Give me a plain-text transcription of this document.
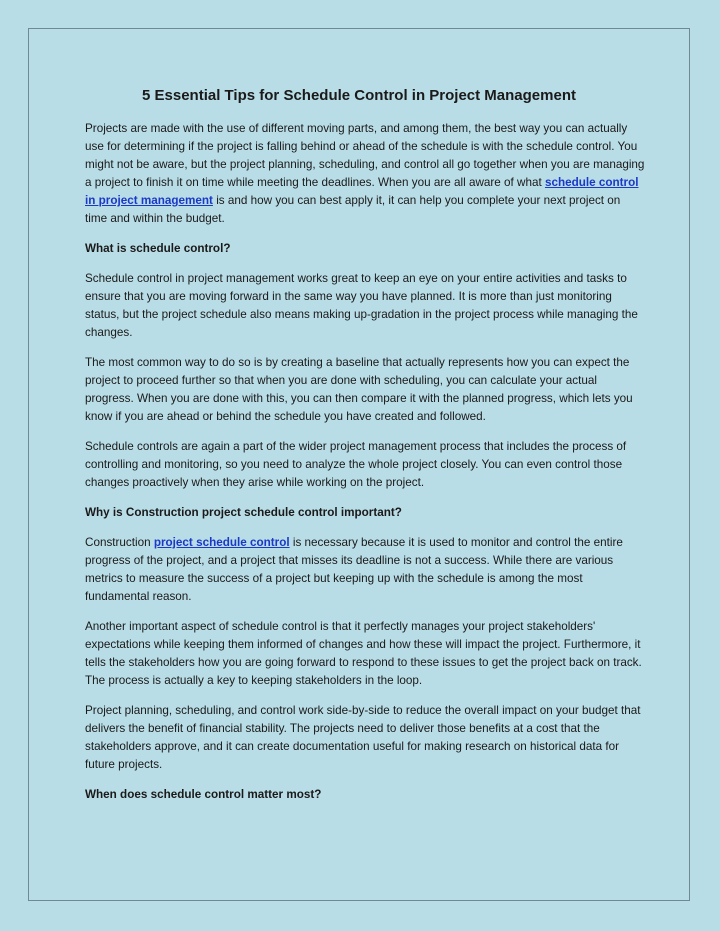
5 Essential Tips for Schedule Control in Project Management

Projects are made with the use of different moving parts, and among them, the best way you can actually use for determining if the project is falling behind or ahead of the schedule is with the schedule control. You might not be aware, but the project planning, scheduling, and control all go together when you are managing a project to finish it on time while meeting the deadlines. When you are all aware of what schedule control in project management is and how you can best apply it, it can help you complete your next project on time and within the budget.

What is schedule control?

Schedule control in project management works great to keep an eye on your entire activities and tasks to ensure that you are moving forward in the same way you have planned. It is more than just monitoring status, but the project schedule also means making up-gradation in the project process while managing the changes.

The most common way to do so is by creating a baseline that actually represents how you can expect the project to proceed further so that when you are done with scheduling, you can calculate your actual progress. When you are done with this, you can then compare it with the planned progress, which lets you know if you are ahead or behind the schedule you have created and followed.

Schedule controls are again a part of the wider project management process that includes the process of controlling and monitoring, so you need to analyze the whole project closely. You can even control those changes proactively when they arise while working on the project.

Why is Construction project schedule control important?

Construction project schedule control is necessary because it is used to monitor and control the entire progress of the project, and a project that misses its deadline is not a success. While there are various metrics to measure the success of a project but keeping up with the schedule is among the most fundamental reason.

Another important aspect of schedule control is that it perfectly manages your project stakeholders' expectations while keeping them informed of changes and how these will impact the project. Furthermore, it tells the stakeholders how you are going forward to respond to these issues to get the project back on track. The process is actually a key to keeping stakeholders in the loop.

Project planning, scheduling, and control work side-by-side to reduce the overall impact on your budget that delivers the benefit of financial stability. The projects need to deliver those benefits at a cost that the stakeholders approve, and it can create documentation useful for making research on historical data for future projects.

When does schedule control matter most?
